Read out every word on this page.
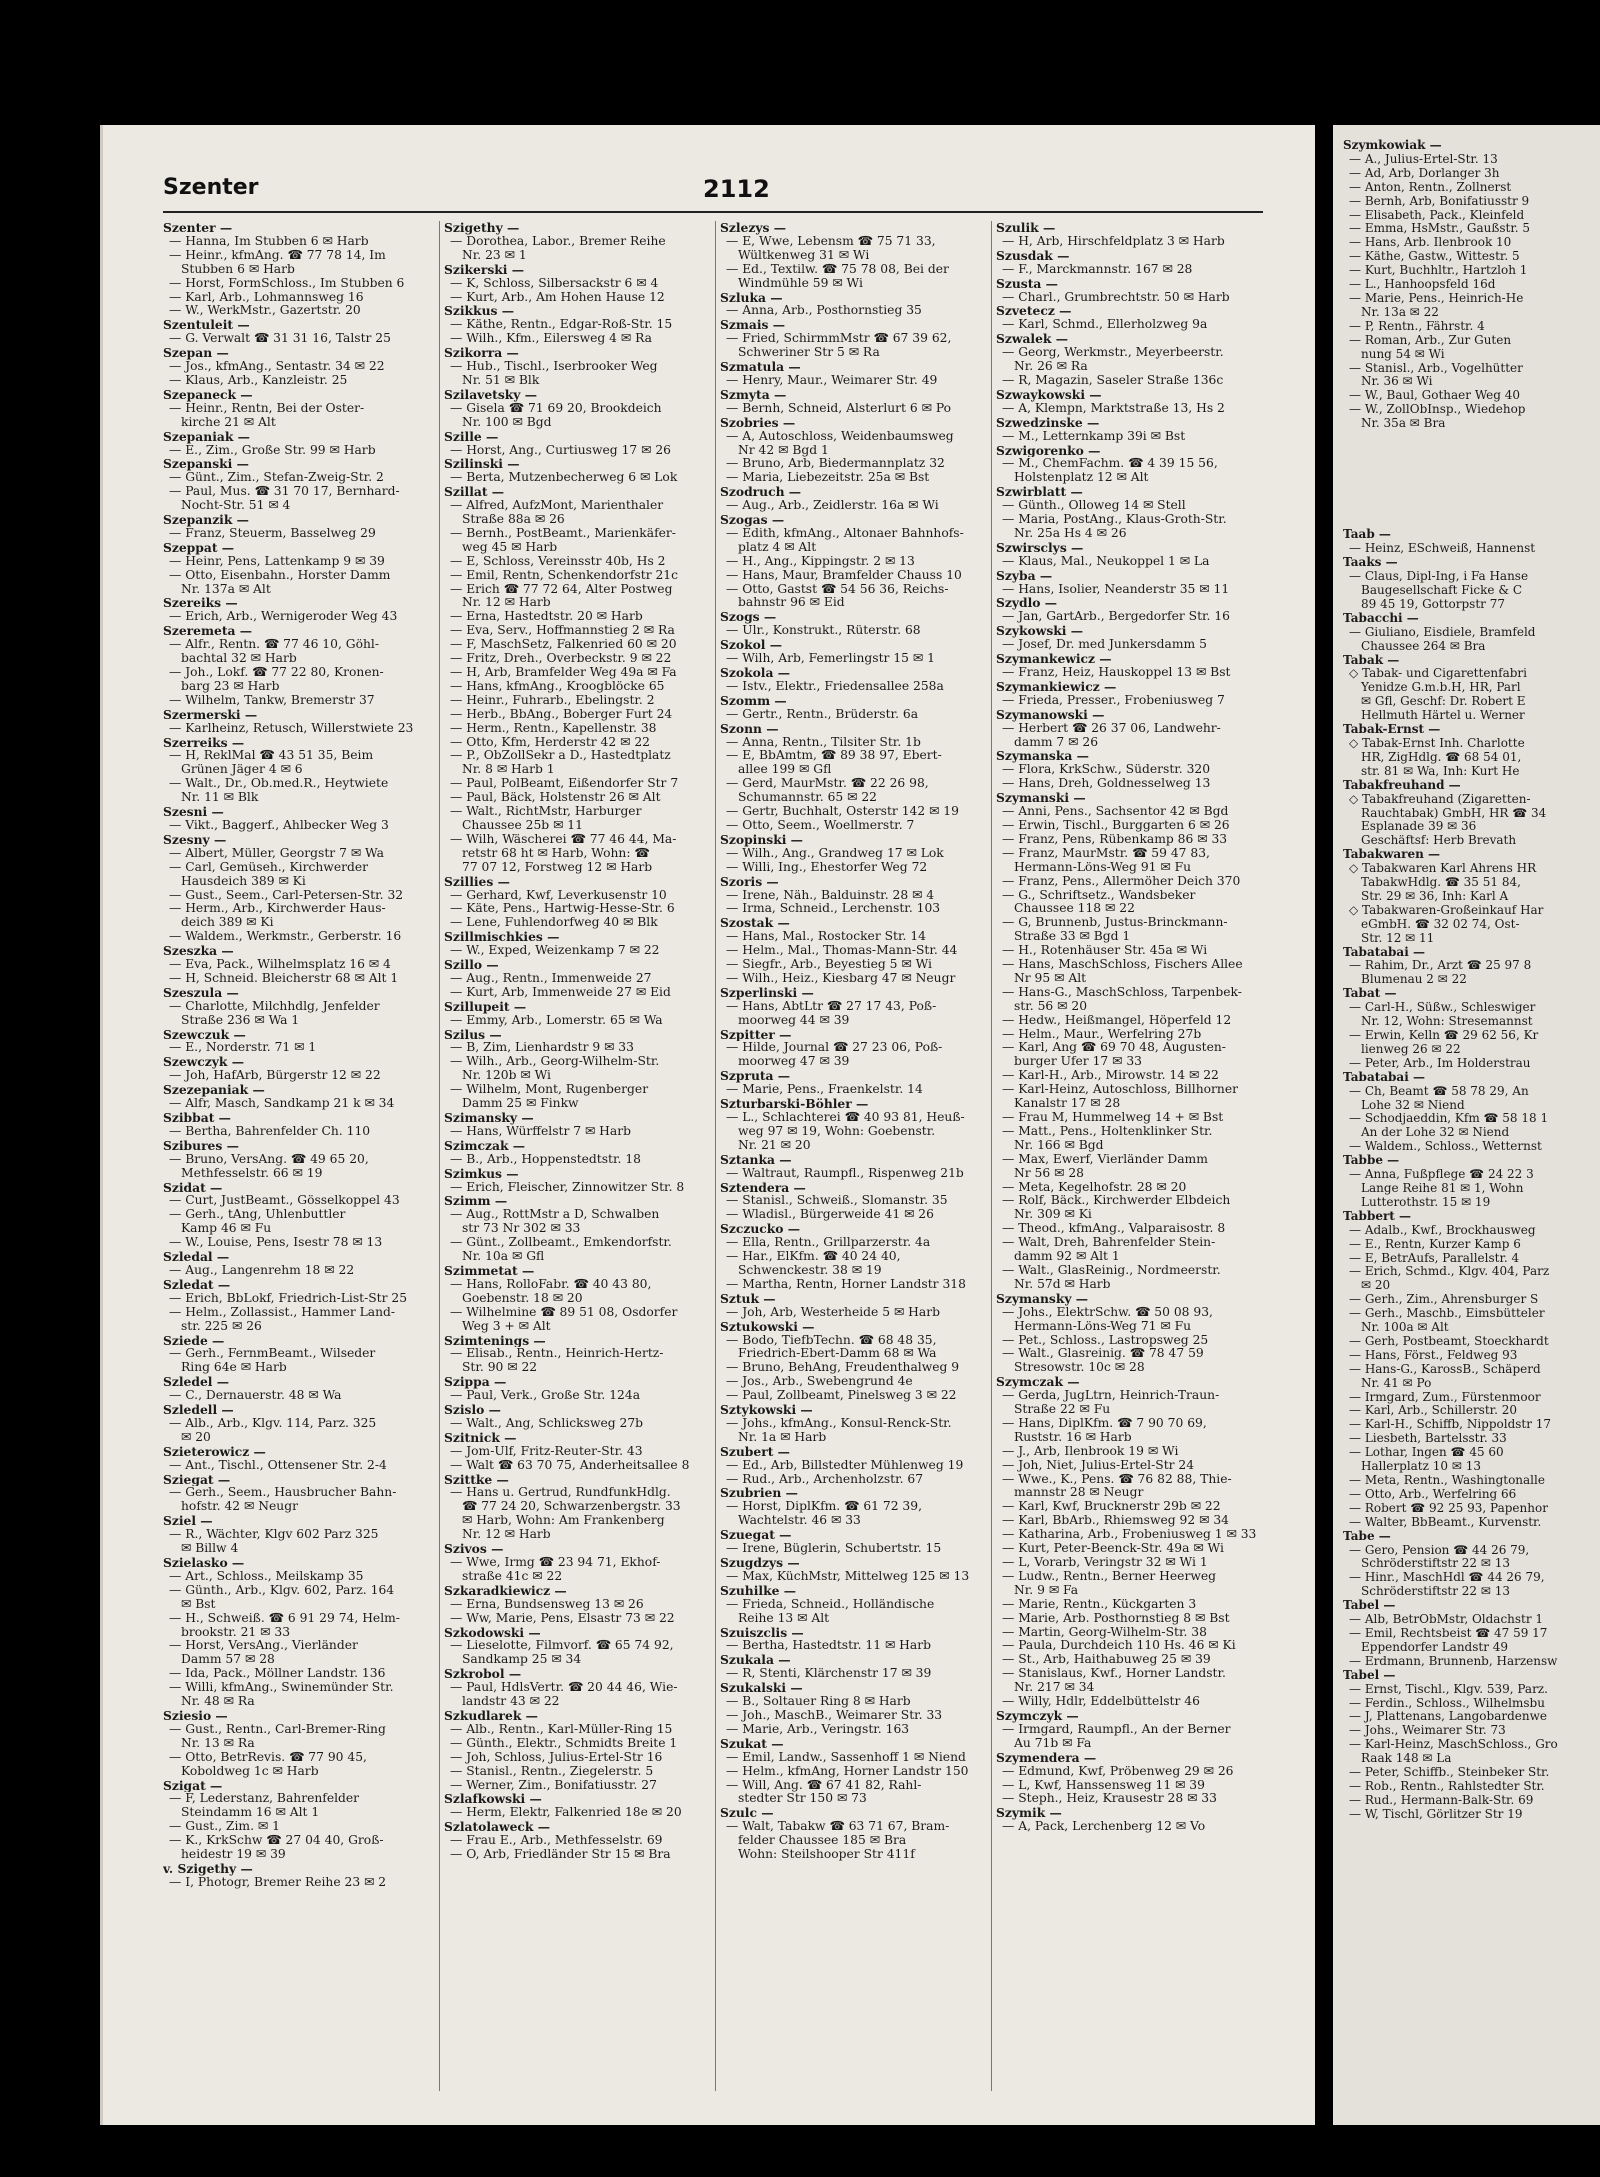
Szenter	2112
Szenter —
— Hanna, Im Stubben 6 ✉ Harb
— Heinr., kfmAng. ☎ 77 78 14, Im
Stubben 6 ✉ Harb
— Horst, FormSchloss., Im Stubben 6
— Karl, Arb., Lohmannsweg 16
— W., WerkMstr., Gazertstr. 20
Szentuleit —
— G. Verwalt ☎ 31 31 16, Talstr 25
Szepan —
— Jos., kfmAng., Sentastr. 34 ✉ 22
— Klaus, Arb., Kanzleistr. 25
Szepaneck —
— Heinr., Rentn, Bei der Oster-
kirche 21 ✉ Alt
Szepaniak —
— E., Zim., Große Str. 99 ✉ Harb
Szepanski —
— Günt., Zim., Stefan-Zweig-Str. 2
— Paul, Mus. ☎ 31 70 17, Bernhard-
Nocht-Str. 51 ✉ 4
Szepanzik —
— Franz, Steuerm, Basselweg 29
Szeppat —
— Heinr, Pens, Lattenkamp 9 ✉ 39
— Otto, Eisenbahn., Horster Damm
Nr. 137a ✉ Alt
Szereiks —
— Erich, Arb., Wernigeroder Weg 43
Szeremeta —
— Alfr., Rentn. ☎ 77 46 10, Göhl-
bachtal 32 ✉ Harb
— Joh., Lokf. ☎ 77 22 80, Kronen-
barg 23 ✉ Harb
— Wilhelm, Tankw, Bremerstr 37
Szermerski —
— Karlheinz, Retusch, Willerstwiete 23
Szerreiks —
— H, ReklMal ☎ 43 51 35, Beim
Grünen Jäger 4 ✉ 6
— Walt., Dr., Ob.med.R., Heytwiete
Nr. 11 ✉ Blk
Szesni —
— Vikt., Baggerf., Ahlbecker Weg 3
Szesny —
— Albert, Müller, Georgstr 7 ✉ Wa
— Carl, Gemüseh., Kirchwerder
Hausdeich 389 ✉ Ki
— Gust., Seem., Carl-Petersen-Str. 32
— Herm., Arb., Kirchwerder Haus-
deich 389 ✉ Ki
— Waldem., Werkmstr., Gerberstr. 16
Szeszka —
— Eva, Pack., Wilhelmsplatz 16 ✉ 4
— H, Schneid. Bleicherstr 68 ✉ Alt 1
Szeszula —
— Charlotte, Milchhdlg, Jenfelder
Straße 236 ✉ Wa 1
Szewczuk —
— E., Norderstr. 71 ✉ 1
Szewczyk —
— Joh, HafArb, Bürgerstr 12 ✉ 22
Szezepaniak —
— Alfr, Masch, Sandkamp 21 k ✉ 34
Szibbat —
— Bertha, Bahrenfelder Ch. 110
Szibures —
— Bruno, VersAng. ☎ 49 65 20,
Methfesselstr. 66 ✉ 19
Szidat —
— Curt, JustBeamt., Gösselkoppel 43
— Gerh., tAng, Uhlenbuttler
Kamp 46 ✉ Fu
— W., Louise, Pens, Isestr 78 ✉ 13
Szledal —
— Aug., Langenrehm 18 ✉ 22
Szledat —
— Erich, BbLokf, Friedrich-List-Str 25
— Helm., Zollassist., Hammer Land-
str. 225 ✉ 26
Sziede —
— Gerh., FernmBeamt., Wilseder
Ring 64e ✉ Harb
Szledel —
— C., Dernauerstr. 48 ✉ Wa
Szledell —
— Alb., Arb., Klgv. 114, Parz. 325
✉ 20
Szieterowicz —
— Ant., Tischl., Ottensener Str. 2-4
Sziegat —
— Gerh., Seem., Hausbrucher Bahn-
hofstr. 42 ✉ Neugr
Sziel —
— R., Wächter, Klgv 602 Parz 325
✉ Billw 4
Szielasko —
— Art., Schloss., Meilskamp 35
— Günth., Arb., Klgv. 602, Parz. 164
✉ Bst
— H., Schweiß. ☎ 6 91 29 74, Helm-
brookstr. 21 ✉ 33
— Horst, VersAng., Vierländer
Damm 57 ✉ 28
— Ida, Pack., Möllner Landstr. 136
— Willi, kfmAng., Swinemünder Str.
Nr. 48 ✉ Ra
Sziesio —
— Gust., Rentn., Carl-Bremer-Ring
Nr. 13 ✉ Ra
— Otto, BetrRevis. ☎ 77 90 45,
Koboldweg 1c ✉ Harb
Szigat —
— F, Lederstanz, Bahrenfelder
Steindamm 16 ✉ Alt 1
— Gust., Zim. ✉ 1
— K., KrkSchw ☎ 27 04 40, Groß-
heidestr 19 ✉ 39
v. Szigethy —
— I, Photogr, Bremer Reihe 23 ✉ 2
Szigethy —
— Dorothea, Labor., Bremer Reihe
Nr. 23 ✉ 1
Szikerski —
— K, Schloss, Silbersackstr 6 ✉ 4
— Kurt, Arb., Am Hohen Hause 12
Szikkus —
— Käthe, Rentn., Edgar-Roß-Str. 15
— Wilh., Kfm., Eilersweg 4 ✉ Ra
Szikorra —
— Hub., Tischl., Iserbrooker Weg
Nr. 51 ✉ Blk
Szilavetsky —
— Gisela ☎ 71 69 20, Brookdeich
Nr. 100 ✉ Bgd
Szille —
— Horst, Ang., Curtiusweg 17 ✉ 26
Szilinski —
— Berta, Mutzenbecherweg 6 ✉ Lok
Szillat —
— Alfred, AufzMont, Marienthaler
Straße 88a ✉ 26
— Bernh., PostBeamt., Marienkäfer-
weg 45 ✉ Harb
— E, Schloss, Vereinsstr 40b, Hs 2
— Emil, Rentn, Schenkendorfstr 21c
— Erich ☎ 77 72 64, Alter Postweg
Nr. 12 ✉ Harb
— Erna, Hastedtstr. 20 ✉ Harb
— Eva, Serv., Hoffmannstieg 2 ✉ Ra
— F, MaschSetz, Falkenried 60 ✉ 20
— Fritz, Dreh., Overbeckstr. 9 ✉ 22
— H, Arb, Bramfelder Weg 49a ✉ Fa
— Hans, kfmAng., Kroogblöcke 65
— Heinr., Fuhrarb., Ebelingstr. 2
— Herb., BbAng., Boberger Furt 24
— Herm., Rentn., Kapellenstr. 38
— Otto, Kfm, Herderstr 42 ✉ 22
— P., ObZollSekr a D., Hastedtplatz
Nr. 8 ✉ Harb 1
— Paul, PolBeamt, Eißendorfer Str 7
— Paul, Bäck, Holstenstr 26 ✉ Alt
— Walt., RichtMstr, Harburger
Chaussee 25b ✉ 11
— Wilh, Wäscherei ☎ 77 46 44, Ma-
retstr 68 ht ✉ Harb, Wohn: ☎
77 07 12, Forstweg 12 ✉ Harb
Szillies —
— Gerhard, Kwf, Leverkusenstr 10
— Käte, Pens., Hartwig-Hesse-Str. 6
— Lene, Fuhlendorfweg 40 ✉ Blk
Szillmischkies —
— W., Exped, Weizenkamp 7 ✉ 22
Szillo —
— Aug., Rentn., Immenweide 27
— Kurt, Arb, Immenweide 27 ✉ Eid
Szillupeit —
— Emmy, Arb., Lomerstr. 65 ✉ Wa
Szilus —
— B, Zim, Lienhardstr 9 ✉ 33
— Wilh., Arb., Georg-Wilhelm-Str.
Nr. 120b ✉ Wi
— Wilhelm, Mont, Rugenberger
Damm 25 ✉ Finkw
Szimansky —
— Hans, Würffelstr 7 ✉ Harb
Szimczak —
— B., Arb., Hoppenstedtstr. 18
Szimkus —
— Erich, Fleischer, Zinnowitzer Str. 8
Szimm —
— Aug., RottMstr a D, Schwalben
str 73 Nr 302 ✉ 33
— Günt., Zollbeamt., Emkendorfstr.
Nr. 10a ✉ Gfl
Szimmetat —
— Hans, RolloFabr. ☎ 40 43 80,
Goebenstr. 18 ✉ 20
— Wilhelmine ☎ 89 51 08, Osdorfer
Weg 3 + ✉ Alt
Szimtenings —
— Elisab., Rentn., Heinrich-Hertz-
Str. 90 ✉ 22
Szippa —
— Paul, Verk., Große Str. 124a
Szislo —
— Walt., Ang, Schlicksweg 27b
Szitnick —
— Jom-Ulf, Fritz-Reuter-Str. 43
— Walt ☎ 63 70 75, Anderheitsallee 8
Szittke —
— Hans u. Gertrud, RundfunkHdlg.
☎ 77 24 20, Schwarzenbergstr. 33
✉ Harb, Wohn: Am Frankenberg
Nr. 12 ✉ Harb
Szivos —
— Wwe, Irmg ☎ 23 94 71, Ekhof-
straße 41c ✉ 22
Szkaradkiewicz —
— Erna, Bundsensweg 13 ✉ 26
— Ww, Marie, Pens, Elsastr 73 ✉ 22
Szkodowski —
— Lieselotte, Filmvorf. ☎ 65 74 92,
Sandkamp 25 ✉ 34
Szkrobol —
— Paul, HdlsVertr. ☎ 20 44 46, Wie-
landstr 43 ✉ 22
Szkudlarek —
— Alb., Rentn., Karl-Müller-Ring 15
— Günth., Elektr., Schmidts Breite 1
— Joh, Schloss, Julius-Ertel-Str 16
— Stanisl., Rentn., Ziegelerstr. 5
— Werner, Zim., Bonifatiusstr. 27
Szlafkowski —
— Herm, Elektr, Falkenried 18e ✉ 20
Szlatolaweck —
— Frau E., Arb., Methfesselstr. 69
— O, Arb, Friedländer Str 15 ✉ Bra
Szlezys —
— E, Wwe, Lebensm ☎ 75 71 33,
Wültkenweg 31 ✉ Wi
— Ed., Textilw. ☎ 75 78 08, Bei der
Windmühle 59 ✉ Wi
Szluka —
— Anna, Arb., Posthornstieg 35
Szmais —
— Fried, SchirmmMstr ☎ 67 39 62,
Schweriner Str 5 ✉ Ra
Szmatula —
— Henry, Maur., Weimarer Str. 49
Szmyta —
— Bernh, Schneid, Alsterlurt 6 ✉ Po
Szobries —
— A, Autoschloss, Weidenbaumsweg
Nr 42 ✉ Bgd 1
— Bruno, Arb, Biedermannplatz 32
— Maria, Liebezeitstr. 25a ✉ Bst
Szodruch —
— Aug., Arb., Zeidlerstr. 16a ✉ Wi
Szogas —
— Edith, kfmAng., Altonaer Bahnhofs-
platz 4 ✉ Alt
— H., Ang., Kippingstr. 2 ✉ 13
— Hans, Maur, Bramfelder Chauss 10
— Otto, Gastst ☎ 54 56 36, Reichs-
bahnstr 96 ✉ Eid
Szogs —
— Ulr., Konstrukt., Rüterstr. 68
Szokol —
— Wilh, Arb, Femerlingstr 15 ✉ 1
Szokola —
— Istv., Elektr., Friedensallee 258a
Szomm —
— Gertr., Rentn., Brüderstr. 6a
Szonn —
— Anna, Rentn., Tilsiter Str. 1b
— E, BbAmtm, ☎ 89 38 97, Ebert-
allee 199 ✉ Gfl
— Gerd, MaurMstr. ☎ 22 26 98,
Schumannstr. 65 ✉ 22
— Gertr, Buchhalt, Osterstr 142 ✉ 19
— Otto, Seem., Woellmerstr. 7
Szopinski —
— Wilh., Ang., Grandweg 17 ✉ Lok
— Willi, Ing., Ehestorfer Weg 72
Szoris —
— Irene, Näh., Balduinstr. 28 ✉ 4
— Irma, Schneid., Lerchenstr. 103
Szostak —
— Hans, Mal., Rostocker Str. 14
— Helm., Mal., Thomas-Mann-Str. 44
— Siegfr., Arb., Beyestieg 5 ✉ Wi
— Wilh., Heiz., Kiesbarg 47 ✉ Neugr
Szperlinski —
— Hans, AbtLtr ☎ 27 17 43, Poß-
moorweg 44 ✉ 39
Szpitter —
— Hilde, Journal ☎ 27 23 06, Poß-
moorweg 47 ✉ 39
Szpruta —
— Marie, Pens., Fraenkelstr. 14
Szturbarski-Böhler —
— L., Schlachterei ☎ 40 93 81, Heuß-
weg 97 ✉ 19, Wohn: Goebenstr.
Nr. 21 ✉ 20
Sztanka —
— Waltraut, Raumpfl., Rispenweg 21b
Sztendera —
— Stanisl., Schweiß., Slomanstr. 35
— Wladisl., Bürgerweide 41 ✉ 26
Szczucko —
— Ella, Rentn., Grillparzerstr. 4a
— Har., ElKfm. ☎ 40 24 40,
Schwenckestr. 38 ✉ 19
— Martha, Rentn, Horner Landstr 318
Sztuk —
— Joh, Arb, Westerheide 5 ✉ Harb
Sztukowski —
— Bodo, TiefbTechn. ☎ 68 48 35,
Friedrich-Ebert-Damm 68 ✉ Wa
— Bruno, BehAng, Freudenthalweg 9
— Jos., Arb., Swebengrund 4e
— Paul, Zollbeamt, Pinelsweg 3 ✉ 22
Sztykowski —
— Johs., kfmAng., Konsul-Renck-Str.
Nr. 1a ✉ Harb
Szubert —
— Ed., Arb, Billstedter Mühlenweg 19
— Rud., Arb., Archenholzstr. 67
Szubrien —
— Horst, DiplKfm. ☎ 61 72 39,
Wachtelstr. 46 ✉ 33
Szuegat —
— Irene, Büglerin, Schubertstr. 15
Szugdzys —
— Max, KüchMstr, Mittelweg 125 ✉ 13
Szuhilke —
— Frieda, Schneid., Holländische
Reihe 13 ✉ Alt
Szuiszclis —
— Bertha, Hastedtstr. 11 ✉ Harb
Szukala —
— R, Stenti, Klärchenstr 17 ✉ 39
Szukalski —
— B., Soltauer Ring 8 ✉ Harb
— Joh., MaschB., Weimarer Str. 33
— Marie, Arb., Veringstr. 163
Szukat —
— Emil, Landw., Sassenhoff 1 ✉ Niend
— Helm., kfmAng, Horner Landstr 150
— Will, Ang. ☎ 67 41 82, Rahl-
stedter Str 150 ✉ 73
Szulc —
— Walt, Tabakw ☎ 63 71 67, Bram-
felder Chaussee 185 ✉ Bra
Wohn: Steilshooper Str 411f
Szulik —
— H, Arb, Hirschfeldplatz 3 ✉ Harb
Szusdak —
— F., Marckmannstr. 167 ✉ 28
Szusta —
— Charl., Grumbrechtstr. 50 ✉ Harb
Szvetecz —
— Karl, Schmd., Ellerholzweg 9a
Szwalek —
— Georg, Werkmstr., Meyerbeerstr.
Nr. 26 ✉ Ra
— R, Magazin, Saseler Straße 136c
Szwaykowski —
— A, Klempn, Marktstraße 13, Hs 2
Szwedzinske —
— M., Letternkamp 39i ✉ Bst
Szwigorenko —
— M., ChemFachm. ☎ 4 39 15 56,
Holstenplatz 12 ✉ Alt
Szwirblatt —
— Günth., Olloweg 14 ✉ Stell
— Maria, PostAng., Klaus-Groth-Str.
Nr. 25a Hs 4 ✉ 26
Szwirsclys —
— Klaus, Mal., Neukoppel 1 ✉ La
Szyba —
— Hans, Isolier, Neanderstr 35 ✉ 11
Szydlo —
— Jan, GartArb., Bergedorfer Str. 16
Szykowski —
— Josef, Dr. med Junkersdamm 5
Szymankewicz —
— Franz, Heiz, Hauskoppel 13 ✉ Bst
Szymankiewicz —
— Frieda, Presser., Frobeniusweg 7
Szymanowski —
— Herbert ☎ 26 37 06, Landwehr-
damm 7 ✉ 26
Szymanska —
— Flora, KrkSchw., Süderstr. 320
— Hans, Dreh, Goldnesselweg 13
Szymanski —
— Anni, Pens., Sachsentor 42 ✉ Bgd
— Erwin, Tischl., Burggarten 6 ✉ 26
— Franz, Pens, Rübenkamp 86 ✉ 33
— Franz, MaurMstr. ☎ 59 47 83,
Hermann-Löns-Weg 91 ✉ Fu
— Franz, Pens., Allermöher Deich 370
— G., Schriftsetz., Wandsbeker
Chaussee 118 ✉ 22
— G, Brunnenb, Justus-Brinckmann-
Straße 33 ✉ Bgd 1
— H., Rotenhäuser Str. 45a ✉ Wi
— Hans, MaschSchloss, Fischers Allee
Nr 95 ✉ Alt
— Hans-G., MaschSchloss, Tarpenbek-
str. 56 ✉ 20
— Hedw., Heißmangel, Höperfeld 12
— Helm., Maur., Werfelring 27b
— Karl, Ang ☎ 69 70 48, Augusten-
burger Ufer 17 ✉ 33
— Karl-H., Arb., Mirowstr. 14 ✉ 22
— Karl-Heinz, Autoschloss, Billhorner
Kanalstr 17 ✉ 28
— Frau M, Hummelweg 14 + ✉ Bst
— Matt., Pens., Holtenklinker Str.
Nr. 166 ✉ Bgd
— Max, Ewerf, Vierländer Damm
Nr 56 ✉ 28
— Meta, Kegelhofstr. 28 ✉ 20
— Rolf, Bäck., Kirchwerder Elbdeich
Nr. 309 ✉ Ki
— Theod., kfmAng., Valparaisostr. 8
— Walt, Dreh, Bahrenfelder Stein-
damm 92 ✉ Alt 1
— Walt., GlasReinig., Nordmeerstr.
Nr. 57d ✉ Harb
Szymansky —
— Johs., ElektrSchw. ☎ 50 08 93,
Hermann-Löns-Weg 71 ✉ Fu
— Pet., Schloss., Lastropsweg 25
— Walt., Glasreinig. ☎ 78 47 59
Stresowstr. 10c ✉ 28
Szymczak —
— Gerda, JugLtrn, Heinrich-Traun-
Straße 22 ✉ Fu
— Hans, DiplKfm. ☎ 7 90 70 69,
Ruststr. 16 ✉ Harb
— J., Arb, Ilenbrook 19 ✉ Wi
— Joh, Niet, Julius-Ertel-Str 24
— Wwe., K., Pens. ☎ 76 82 88, Thie-
mannstr 28 ✉ Neugr
— Karl, Kwf, Brucknerstr 29b ✉ 22
— Karl, BbArb., Rhiemsweg 92 ✉ 34
— Katharina, Arb., Frobeniusweg 1 ✉ 33
— Kurt, Peter-Beenck-Str. 49a ✉ Wi
— L, Vorarb, Veringstr 32 ✉ Wi 1
— Ludw., Rentn., Berner Heerweg
Nr. 9 ✉ Fa
— Marie, Rentn., Kückgarten 3
— Marie, Arb. Posthornstieg 8 ✉ Bst
— Martin, Georg-Wilhelm-Str. 38
— Paula, Durchdeich 110 Hs. 46 ✉ Ki
— St., Arb, Haithabuweg 25 ✉ 39
— Stanislaus, Kwf., Horner Landstr.
Nr. 217 ✉ 34
— Willy, Hdlr, Eddelbüttelstr 46
Szymczyk —
— Irmgard, Raumpfl., An der Berner
Au 71b ✉ Fa
Szymendera —
— Edmund, Kwf, Pröbenweg 29 ✉ 26
— L, Kwf, Hanssensweg 11 ✉ 39
— Steph., Heiz, Krausestr 28 ✉ 33
Szymik —
— A, Pack, Lerchenberg 12 ✉ Vo
Szymkowiak —
— A., Julius-Ertel-Str. 13
— Ad, Arb, Dorlanger 3h
— Anton, Rentn., Zollnerst
— Bernh, Arb, Bonifatiusstr 9
— Elisabeth, Pack., Kleinfeld
— Emma, HsMstr., Gaußstr. 5
— Hans, Arb. Ilenbrook 10
— Käthe, Gastw., Wittestr. 5
— Kurt, Buchhltr., Hartzloh 1
— L., Hanhoopsfeld 16d
— Marie, Pens., Heinrich-He
Nr. 13a ✉ 22
— P, Rentn., Fährstr. 4
— Roman, Arb., Zur Guten
nung 54 ✉ Wi
— Stanisl., Arb., Vogelhütter
Nr. 36 ✉ Wi
— W., Baul, Gothaer Weg 40
— W., ZollObInsp., Wiedehop
Nr. 35a ✉ Bra

Taab —
— Heinz, ESchweiß, Hannenst
Taaks —
— Claus, Dipl-Ing, i Fa Hanse
Baugesellschaft Ficke & C
89 45 19, Gottorpstr 77
Tabacchi —
— Giuliano, Eisdiele, Bramfeld
Chaussee 264 ✉ Bra
Tabak —
◇ Tabak- und Cigarettenfabri
Yenidze G.m.b.H, HR, Parl
✉ Gfl, Geschf: Dr. Robert E
Hellmuth Härtel u. Werner
Tabak-Ernst —
◇ Tabak-Ernst Inh. Charlotte
HR, ZigHdlg. ☎ 68 54 01,
str. 81 ✉ Wa, Inh: Kurt He
Tabakfreuhand —
◇ Tabakfreuhand (Zigaretten-
Rauchtabak) GmbH, HR ☎ 34
Esplanade 39 ✉ 36
Geschäftsf: Herb Brevath
Tabakwaren —
◇ Tabakwaren Karl Ahrens HR
TabakwHdlg. ☎ 35 51 84,
Str. 29 ✉ 36, Inh: Karl A
◇ Tabakwaren-Großeinkauf Har
eGmbH. ☎ 32 02 74, Ost-
Str. 12 ✉ 11
Tabatabai —
— Rahim, Dr., Arzt ☎ 25 97 8
Blumenau 2 ✉ 22
Tabat —
— Carl-H., Süßw., Schleswiger
Nr. 12, Wohn: Stresemannst
— Erwin, Kelln ☎ 29 62 56, Kr
lienweg 26 ✉ 22
— Peter, Arb., Im Holderstrau
Tabatabai —
— Ch, Beamt ☎ 58 78 29, An
Lohe 32 ✉ Niend
— Schodjaeddin, Kfm ☎ 58 18 1
An der Lohe 32 ✉ Niend
— Waldem., Schloss., Wetternst
Tabbe —
— Anna, Fußpflege ☎ 24 22 3
Lange Reihe 81 ✉ 1, Wohn
Lutterothstr. 15 ✉ 19
Tabbert —
— Adalb., Kwf., Brockhausweg
— E., Rentn, Kurzer Kamp 6
— E, BetrAufs, Parallelstr. 4
— Erich, Schmd., Klgv. 404, Parz
✉ 20
— Gerh., Zim., Ahrensburger S
— Gerh., Maschb., Eimsbütteler
Nr. 100a ✉ Alt
— Gerh, Postbeamt, Stoeckhardt
— Hans, Först., Feldweg 93
— Hans-G., KarossB., Schäperd
Nr. 41 ✉ Po
— Irmgard, Zum., Fürstenmoor
— Karl, Arb., Schillerstr. 20
— Karl-H., Schiffb, Nippoldstr 17
— Liesbeth, Bartelsstr. 33
— Lothar, Ingen ☎ 45 60
Hallerplatz 10 ✉ 13
— Meta, Rentn., Washingtonalle
— Otto, Arb., Werfelring 66
— Robert ☎ 92 25 93, Papenhor
— Walter, BbBeamt., Kurvenstr.
Tabe —
— Gero, Pension ☎ 44 26 79,
Schröderstiftstr 22 ✉ 13
— Hinr., MaschHdl ☎ 44 26 79,
Schröderstiftstr 22 ✉ 13
Tabel —
— Alb, BetrObMstr, Oldachstr 1
— Emil, Rechtsbeist ☎ 47 59 17
Eppendorfer Landstr 49
— Erdmann, Brunnenb, Harzensw
Tabel —
— Ernst, Tischl., Klgv. 539, Parz.
— Ferdin., Schloss., Wilhelmsbu
— J, Plattenans, Langobardenwe
— Johs., Weimarer Str. 73
— Karl-Heinz, MaschSchloss., Gro
Raak 148 ✉ La
— Peter, Schiffb., Steinbeker Str.
— Rob., Rentn., Rahlstedter Str.
— Rud., Hermann-Balk-Str. 69
— W, Tischl, Görlitzer Str 19
